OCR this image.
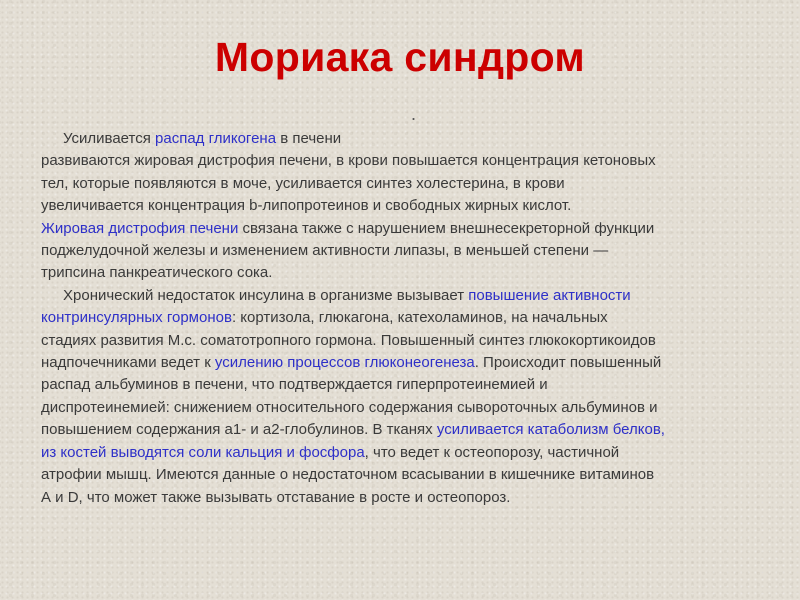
Мориака синдром
.

Усиливается распад гликогена в печени
развиваются жировая дистрофия печени, в крови повышается концентрация кетоновых
тел, которые появляются в моче, усиливается синтез холестерина, в крови
увеличивается концентрация b-липопротеинов и свободных жирных кислот.
Жировая дистрофия печени связана также с нарушением внешнесекреторной функции
поджелудочной железы и изменением активности липазы, в меньшей степени —
трипсина панкреатического сока.

Хронический недостаток инсулина в организме вызывает повышение активности
контринсулярных гормонов: кортизола, глюкагона, катехоламинов, на начальных
стадиях развития М.с. соматотропного гормона. Повышенный синтез глюкокортикоидов
надпочечниками ведет к усилению процессов глюконеогенеза. Происходит повышенный
распад альбуминов в печени, что подтверждается гиперпротеинемией и
диспротеинемией: снижением относительного содержания сывороточных альбуминов и
повышением содержания а1- и а2-глобулинов. В тканях усиливается катаболизм белков,
из костей выводятся соли кальция и фосфора, что ведет к остеопорозу, частичной
атрофии мышц. Имеются данные о недостаточном всасывании в кишечнике витаминов
А и D, что может также вызывать отставание в росте и остеопороз.
